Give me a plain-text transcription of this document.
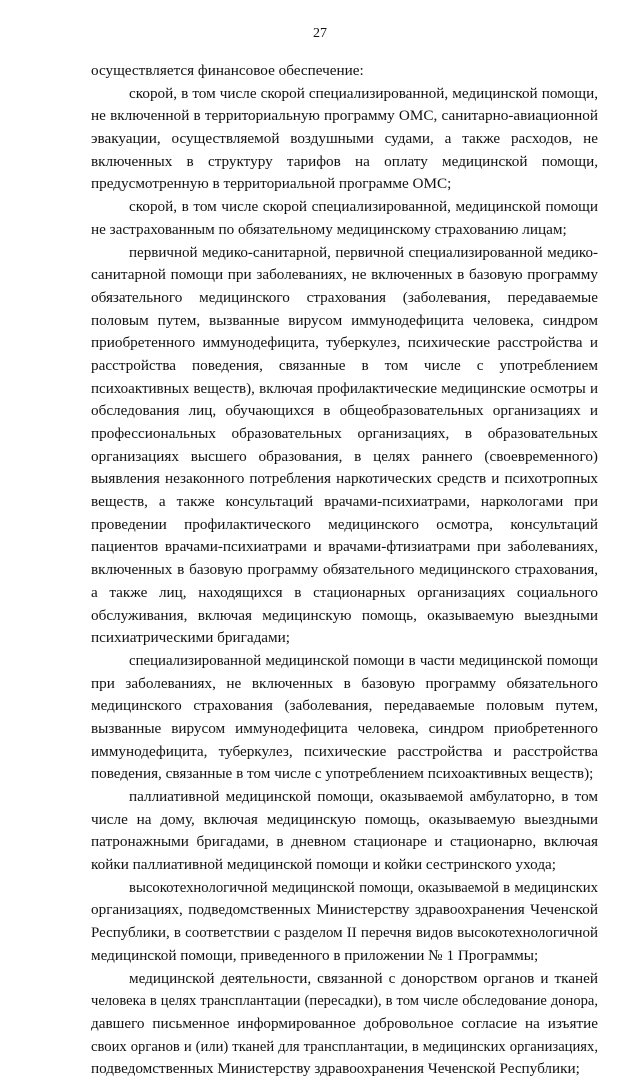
27
осуществляется финансовое обеспечение:
скорой, в том числе скорой специализированной, медицинской помощи,
не включенной в территориальную программу ОМС, санитарно-авиационной
эвакуации, осуществляемой воздушными судами, а также расходов, не
включенных в структуру тарифов на оплату медицинской помощи,
предусмотренную в территориальной программе ОМС;
скорой, в том числе скорой специализированной, медицинской помощи
не застрахованным по обязательному медицинскому страхованию лицам;
первичной медико-санитарной, первичной специализированной медико-
санитарной помощи при заболеваниях, не включенных в базовую программу
обязательного медицинского страхования (заболевания, передаваемые
половым путем, вызванные вирусом иммунодефицита человека, синдром
приобретенного иммунодефицита, туберкулез, психические расстройства и
расстройства поведения, связанные в том числе с употреблением
психоактивных веществ), включая профилактические медицинские осмотры и
обследования лиц, обучающихся в общеобразовательных организациях и
профессиональных образовательных организациях, в образовательных
организациях высшего образования, в целях раннего (своевременного)
выявления незаконного потребления наркотических средств и психотропных
веществ, а также консультаций врачами-психиатрами, наркологами при
проведении профилактического медицинского осмотра, консультаций
пациентов врачами-психиатрами и врачами-фтизиатрами при заболеваниях,
включенных в базовую программу обязательного медицинского страхования,
а также лиц, находящихся в стационарных организациях социального
обслуживания, включая медицинскую помощь, оказываемую выездными
психиатрическими бригадами;
специализированной медицинской помощи в части медицинской помощи
при заболеваниях, не включенных в базовую программу обязательного
медицинского страхования (заболевания, передаваемые половым путем,
вызванные вирусом иммунодефицита человека, синдром приобретенного
иммунодефицита, туберкулез, психические расстройства и расстройства
поведения, связанные в том числе с употреблением психоактивных веществ);
паллиативной медицинской помощи, оказываемой амбулаторно, в том
числе на дому, включая медицинскую помощь, оказываемую выездными
патронажными бригадами, в дневном стационаре и стационарно, включая
койки паллиативной медицинской помощи и койки сестринского ухода;
высокотехнологичной медицинской помощи, оказываемой в медицинских
организациях, подведомственных Министерству здравоохранения Чеченской
Республики, в соответствии с разделом II перечня видов высокотехнологичной
медицинской помощи, приведенного в приложении № 1 Программы;
медицинской деятельности, связанной с донорством органов и тканей
человека в целях трансплантации (пересадки), в том числе обследование донора,
давшего письменное информированное добровольное согласие на изъятие
своих органов и (или) тканей для трансплантации, в медицинских организациях,
подведомственных Министерству здравоохранения Чеченской Республики;
